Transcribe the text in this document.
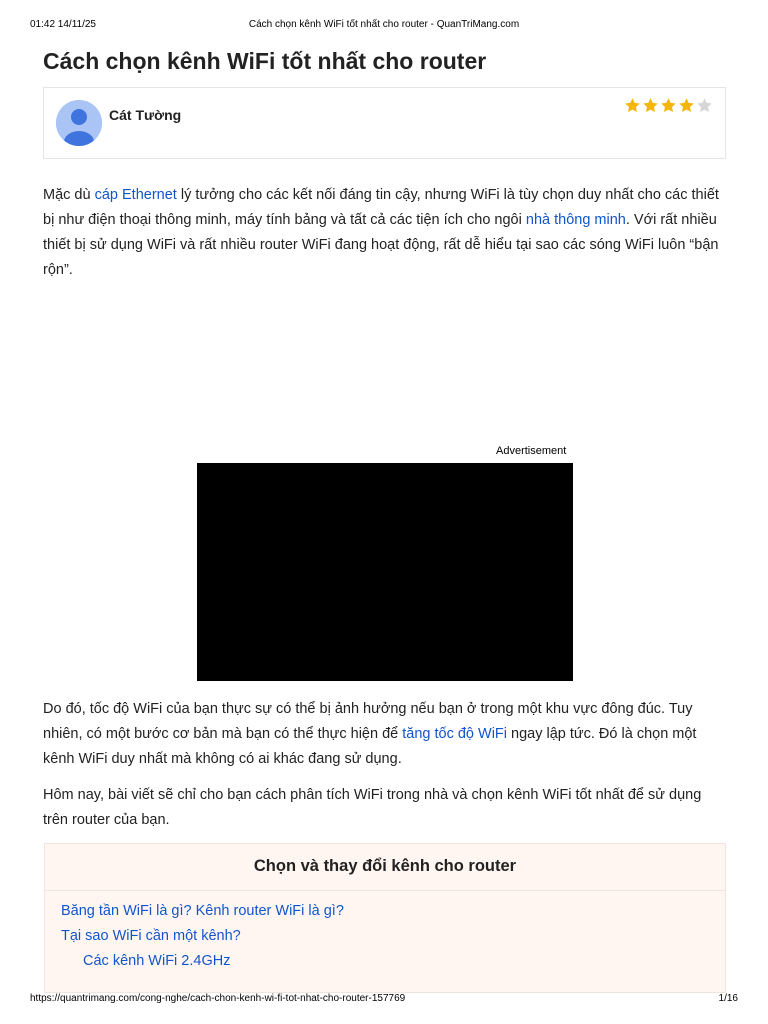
01:42 14/11/25	Cách chọn kênh WiFi tốt nhất cho router - QuanTriMang.com
Cách chọn kênh WiFi tốt nhất cho router
Cát Tường
Mặc dù cáp Ethernet lý tưởng cho các kết nối đáng tin cậy, nhưng WiFi là tùy chọn duy nhất cho các thiết bị như điện thoại thông minh, máy tính bảng và tất cả các tiện ích cho ngôi nhà thông minh. Với rất nhiều thiết bị sử dụng WiFi và rất nhiều router WiFi đang hoạt động, rất dễ hiểu tại sao các sóng WiFi luôn “bận rộn”.
Advertisement
Do đó, tốc độ WiFi của bạn thực sự có thể bị ảnh hưởng nếu bạn ở trong một khu vực đông đúc. Tuy nhiên, có một bước cơ bản mà bạn có thể thực hiện để tăng tốc độ WiFi ngay lập tức. Đó là chọn một kênh WiFi duy nhất mà không có ai khác đang sử dụng.
Hôm nay, bài viết sẽ chỉ cho bạn cách phân tích WiFi trong nhà và chọn kênh WiFi tốt nhất để sử dụng trên router của bạn.
Chọn và thay đổi kênh cho router
Băng tần WiFi là gì? Kênh router WiFi là gì?
Tại sao WiFi cần một kênh?
Các kênh WiFi 2.4GHz
https://quantrimang.com/cong-nghe/cach-chon-kenh-wi-fi-tot-nhat-cho-router-157769	1/16
